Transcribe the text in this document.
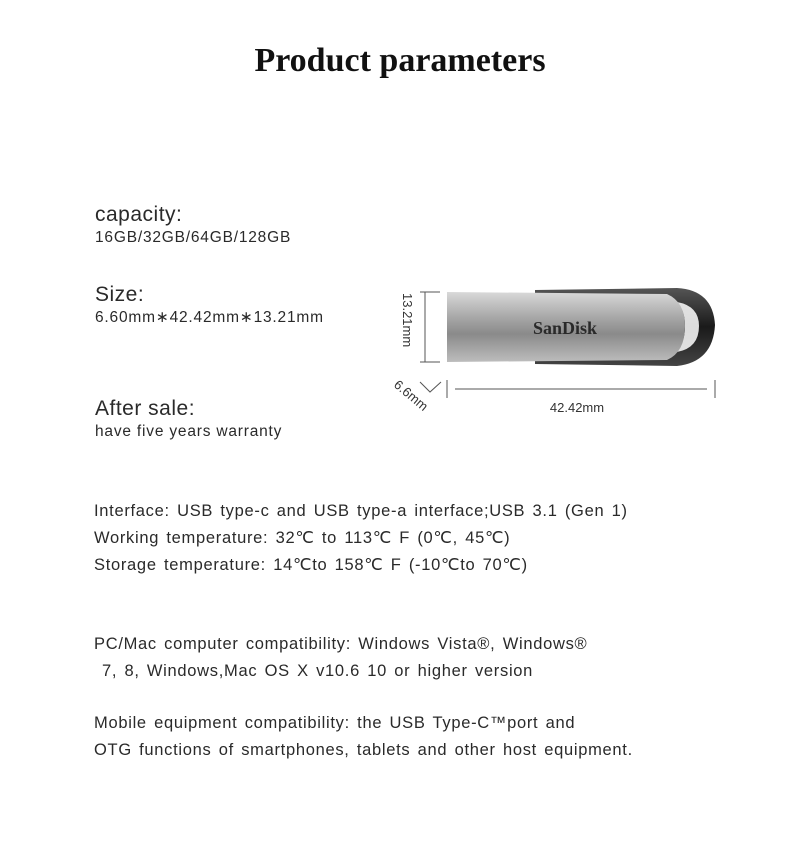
Product parameters
capacity:
16GB/32GB/64GB/128GB
Size:
6.60mm∗42.42mm∗13.21mm
After sale:
have five years warranty
SanDisk
13.21mm
6.6mm	42.42mm

Interface: USB type-c and USB type-a interface;USB 3.1 (Gen 1)

Working temperature: 32℃ to 113℃ F (0℃, 45℃)

Storage temperature: 14℃to 158℃ F (-10℃to 70℃)

PC/Mac computer compatibility: Windows Vista®, Windows®

7, 8, Windows,Mac OS X v10.6 10 or higher version

Mobile equipment compatibility: the USB Type-C™port and

OTG functions of smartphones, tablets and other host equipment.
